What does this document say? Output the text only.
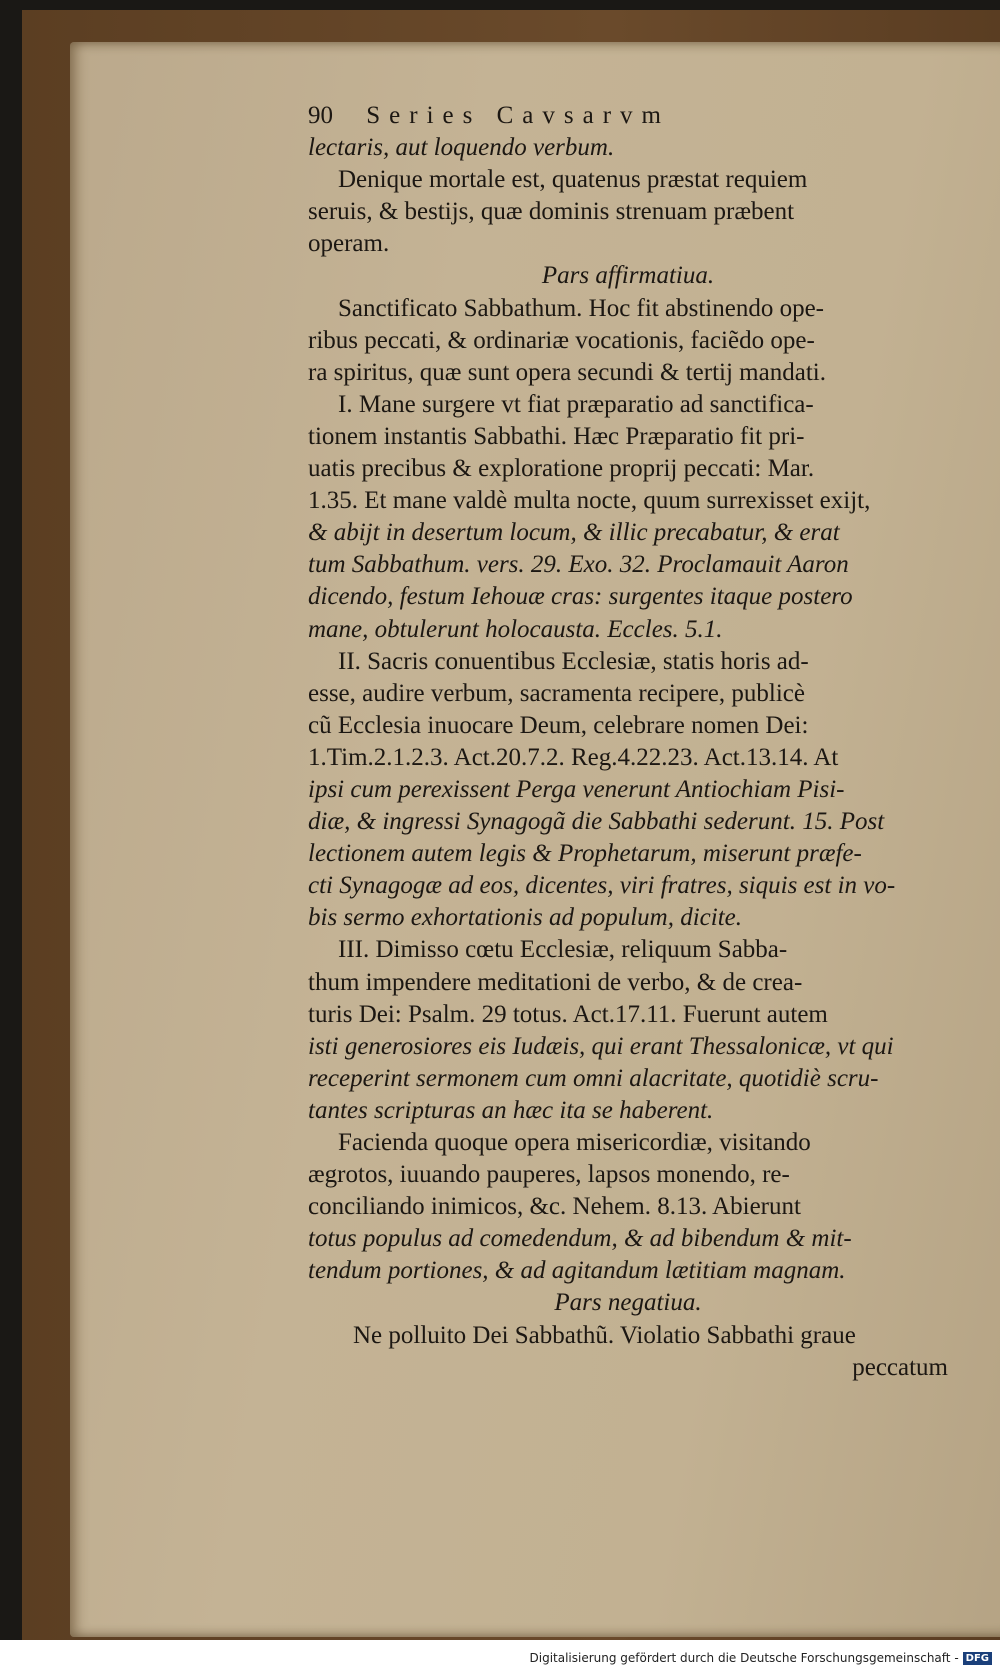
90 Series Cavsarvm
lectaris, aut loquendo verbum.
Denique mortale est, quatenus præstat requiem
seruis, & bestijs, quæ dominis strenuam præbent
operam.
Pars affirmatiua.
Sanctificato Sabbathum. Hoc fit abstinendo ope-
ribus peccati, & ordinariæ vocationis, faciẽdo ope-
ra spiritus, quæ sunt opera secundi & tertij mandati.
I. Mane surgere vt fiat præparatio ad sanctifica-
tionem instantis Sabbathi. Hæc Præparatio fit pri-
uatis precibus & exploratione proprij peccati: Mar.
1.35. Et mane valdè multa nocte, quum surrexisset exijt,
& abijt in desertum locum, & illic precabatur, & erat
tum Sabbathum. vers. 29. Exo. 32. Proclamauit Aaron
dicendo, festum Iehouæ cras: surgentes itaque postero
mane, obtulerunt holocausta. Eccles. 5.1.
II. Sacris conuentibus Ecclesiæ, statis horis ad-
esse, audire verbum, sacramenta recipere, publicè
cũ Ecclesia inuocare Deum, celebrare nomen Dei:
1.Tim.2.1.2.3. Act.20.7.2. Reg.4.22.23. Act.13.14. At
ipsi cum perexissent Perga venerunt Antiochiam Pisi-
diæ, & ingressi Synagogã die Sabbathi sederunt. 15. Post
lectionem autem legis & Prophetarum, miserunt præfe-
cti Synagogæ ad eos, dicentes, viri fratres, siquis est in vo-
bis sermo exhortationis ad populum, dicite.
III. Dimisso cœtu Ecclesiæ, reliquum Sabba-
thum impendere meditationi de verbo, & de crea-
turis Dei: Psalm. 29 totus. Act.17.11. Fuerunt autem
isti generosiores eis Iudæis, qui erant Thessalonicæ, vt qui
receperint sermonem cum omni alacritate, quotidiè scru-
tantes scripturas an hæc ita se haberent.
Facienda quoque opera misericordiæ, visitando
ægrotos, iuuando pauperes, lapsos monendo, re-
conciliando inimicos, &c. Nehem. 8.13. Abierunt
totus populus ad comedendum, & ad bibendum & mit-
tendum portiones, & ad agitandum lætitiam magnam.
Pars negatiua.
Ne polluito Dei Sabbathũ. Violatio Sabbathi graue
peccatum
Digitalisierung gefördert durch die Deutsche Forschungsgemeinschaft - DFG
